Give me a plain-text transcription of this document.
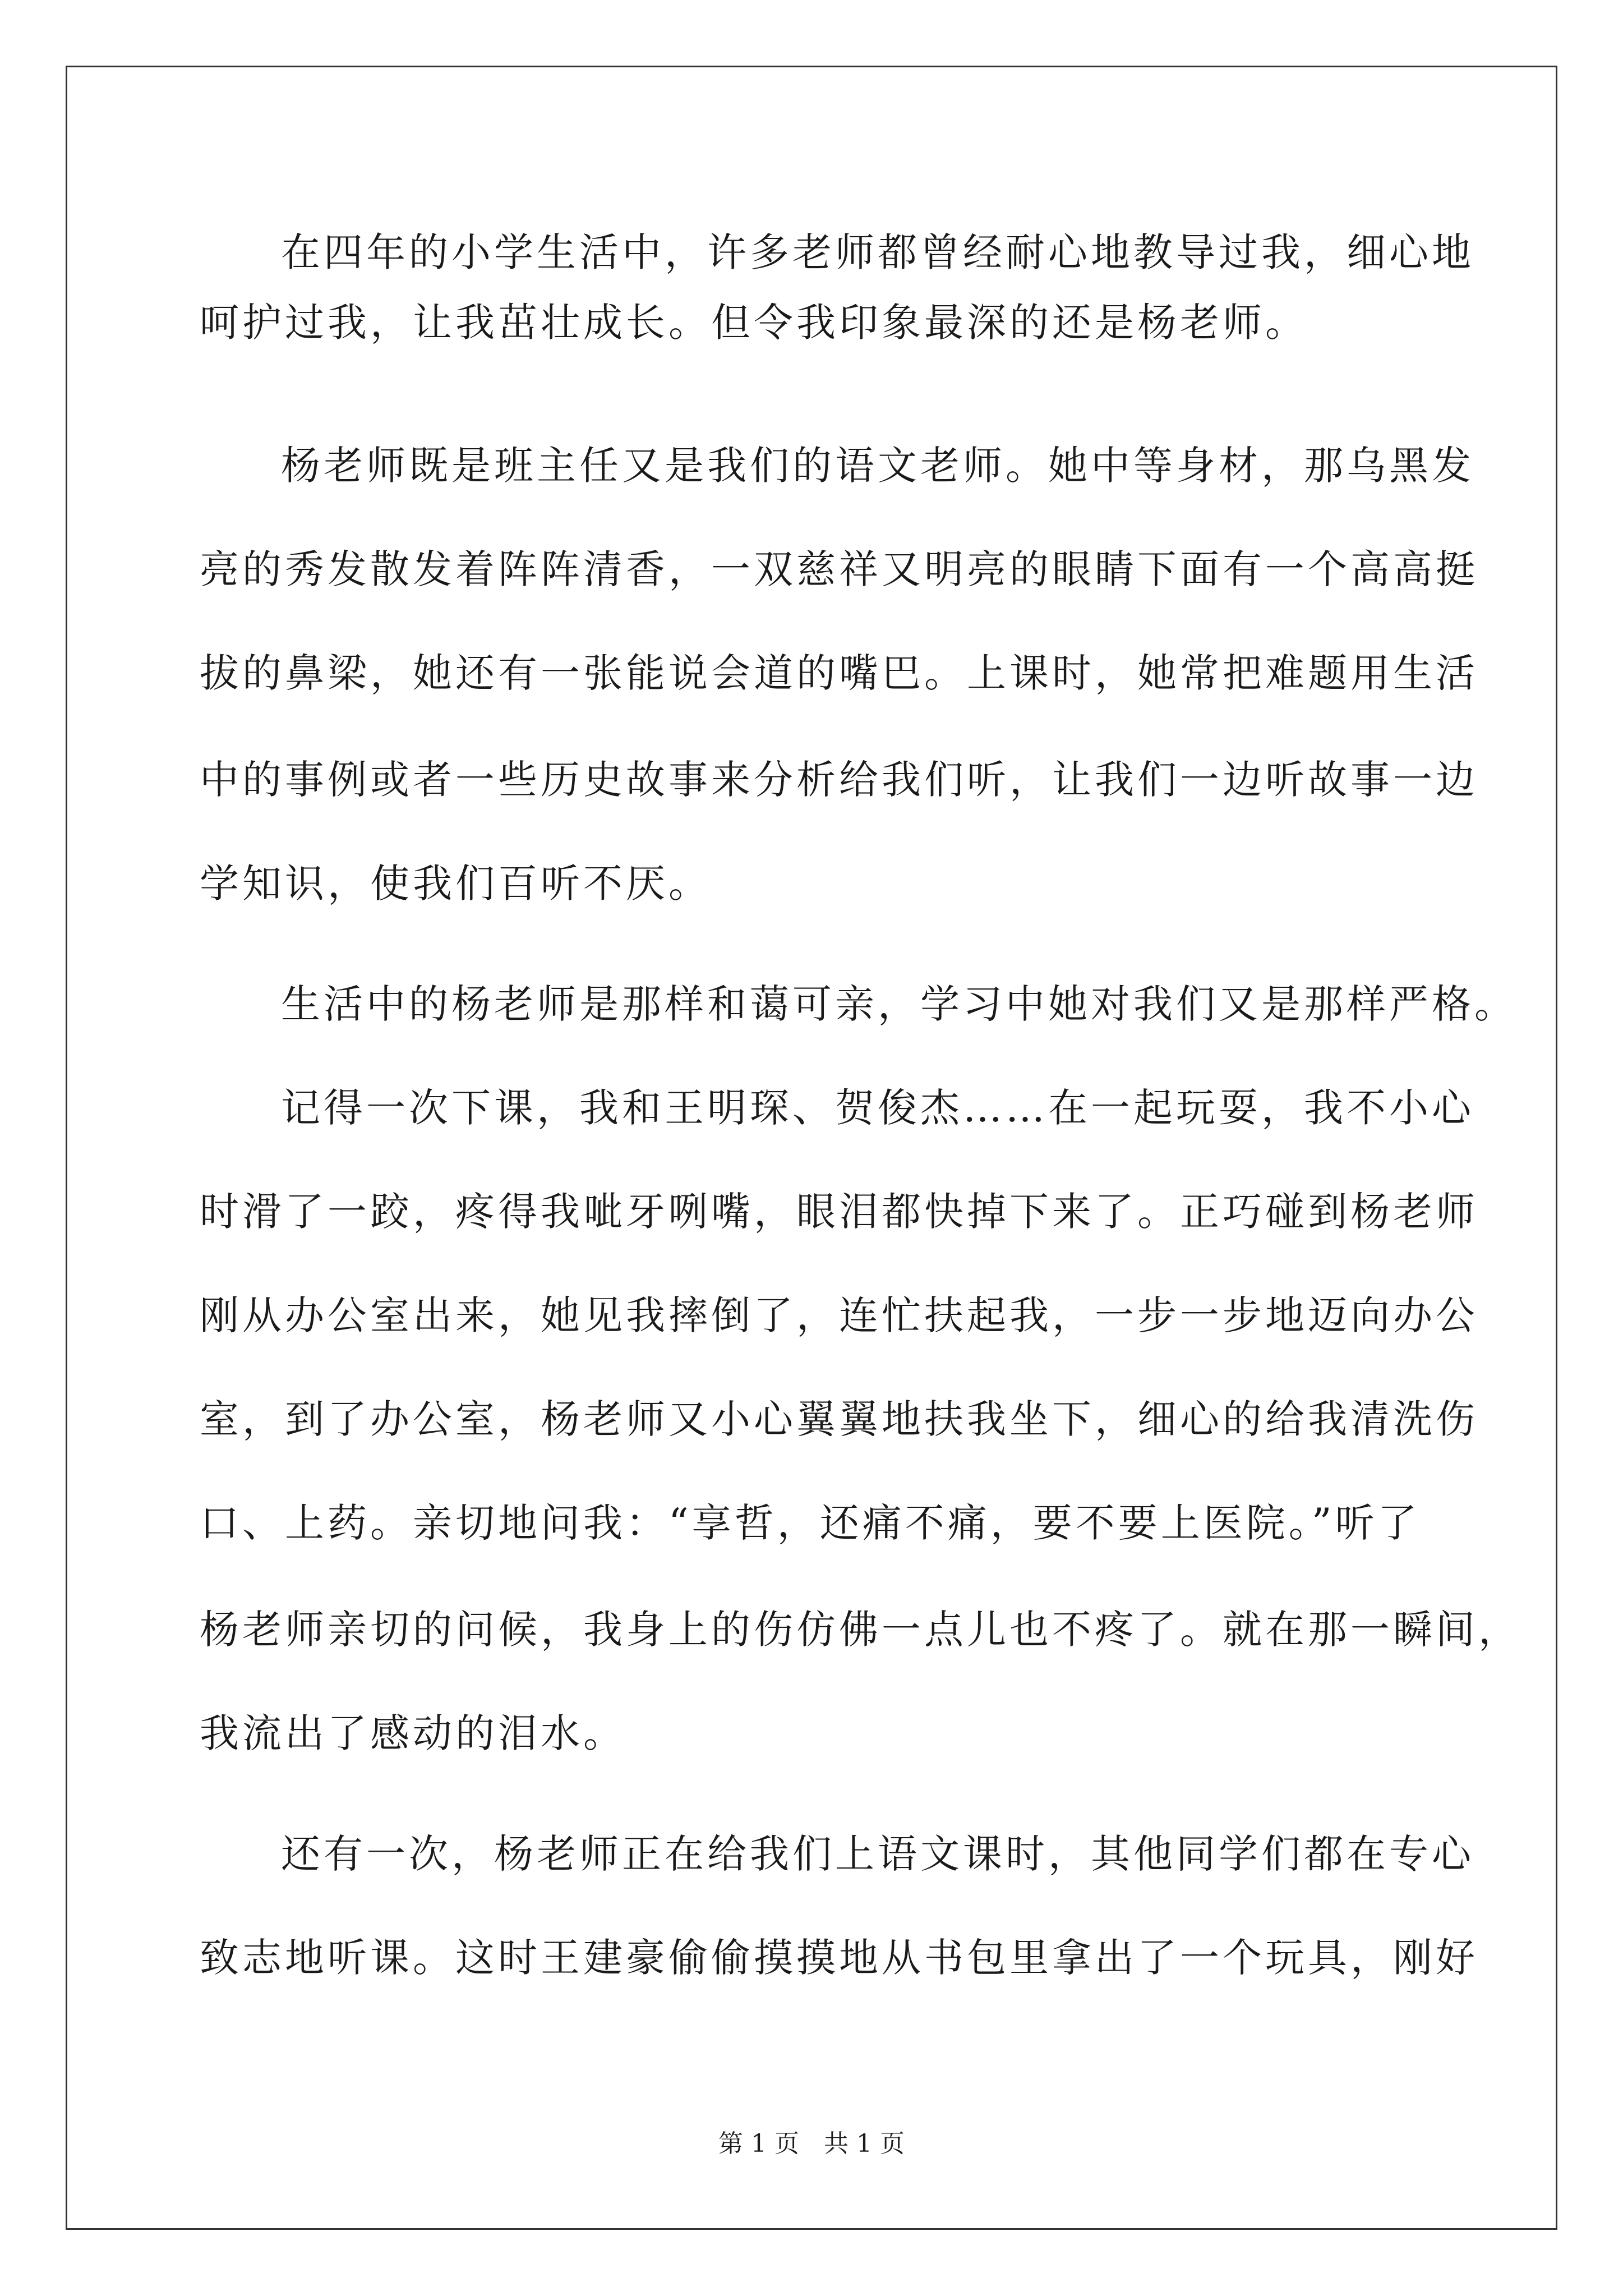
在四年的小学生活中，许多老师都曾经耐心地教导过我，细心地
呵护过我，让我茁壮成长。但令我印象最深的还是杨老师。
杨老师既是班主任又是我们的语文老师。她中等身材，那乌黑发
亮的秀发散发着阵阵清香，一双慈祥又明亮的眼睛下面有一个高高挺
拔的鼻梁，她还有一张能说会道的嘴巴。上课时，她常把难题用生活
中的事例或者一些历史故事来分析给我们听，让我们一边听故事一边
学知识，使我们百听不厌。
生活中的杨老师是那样和蔼可亲，学习中她对我们又是那样严格。
记得一次下课，我和王明琛、贺俊杰……在一起玩耍，我不小心
时滑了一跤，疼得我呲牙咧嘴，眼泪都快掉下来了。正巧碰到杨老师
刚从办公室出来，她见我摔倒了，连忙扶起我，一步一步地迈向办公
室，到了办公室，杨老师又小心翼翼地扶我坐下，细心的给我清洗伤
口、上药。亲切地问我：“享哲，还痛不痛，要不要上医院。”听了
杨老师亲切的问候，我身上的伤仿佛一点儿也不疼了。就在那一瞬间，
我流出了感动的泪水。
还有一次，杨老师正在给我们上语文课时，其他同学们都在专心
致志地听课。这时王建豪偷偷摸摸地从书包里拿出了一个玩具，刚好
第 1 页　共 1 页
